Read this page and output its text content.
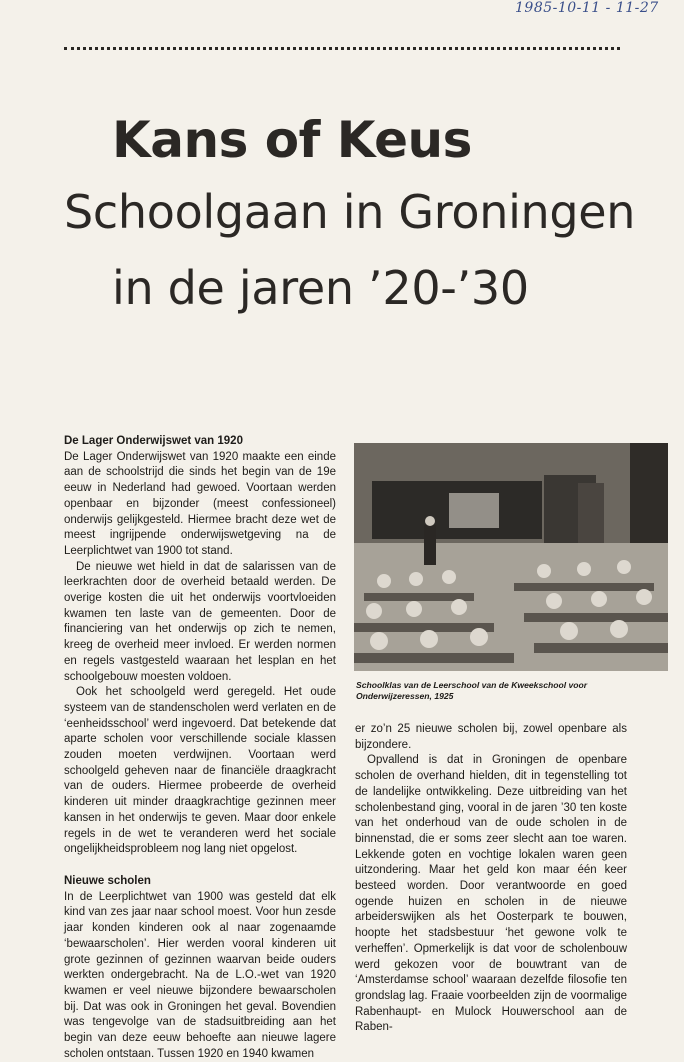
1985-10-11 - 11-27
Kans of Keus
Schoolgaan in Groningen
in de jaren ’20-’30
De Lager Onderwijswet van 1920

De Lager Onderwijswet van 1920 maakte een einde aan de schoolstrijd die sinds het begin van de 19e eeuw in Nederland had gewoed. Voortaan werden openbaar en bijzonder (meest confessioneel) onderwijs gelijkgesteld. Hiermee bracht deze wet de meest ingrijpende onderwijswetgeving na de Leerplichtwet van 1900 tot stand.

De nieuwe wet hield in dat de salarissen van de leerkrachten door de overheid betaald werden. De overige kosten die uit het onderwijs voortvloeiden kwamen ten laste van de gemeenten. Door de financiering van het onderwijs op zich te nemen, kreeg de overheid meer invloed. Er werden normen en regels vastgesteld waaraan het lesplan en het schoolgebouw moesten voldoen.

Ook het schoolgeld werd geregeld. Het oude systeem van de standenscholen werd verlaten en de ‘eenheidsschool’ werd ingevoerd. Dat betekende dat aparte scholen voor verschillende sociale klassen zouden moeten verdwijnen. Voortaan werd schoolgeld geheven naar de financiële draagkracht van de ouders. Hiermee probeerde de overheid kinderen uit minder draagkrachtige gezinnen meer kansen in het onderwijs te geven. Maar door enkele regels in de wet te veranderen werd het sociale ongelijkheidsprobleem nog lang niet opgelost.

Nieuwe scholen

In de Leerplichtwet van 1900 was gesteld dat elk kind van zes jaar naar school moest. Voor hun zesde jaar konden kinderen ook al naar zogenaamde ‘bewaarscholen’. Hier werden vooral kinderen uit grote gezinnen of gezinnen waarvan beide ouders werkten ondergebracht. Na de L.O.-wet van 1920 kwamen er veel nieuwe bijzondere bewaarscholen bij. Dat was ook in Groningen het geval. Bovendien was tengevolge van de stadsuitbreiding aan het begin van deze eeuw behoefte aan nieuwe lagere scholen ontstaan. Tussen 1920 en 1940 kwamen

Schoolklas van de Leerschool van de Kweekschool voor
Onderwijzeressen, 1925

er zo’n 25 nieuwe scholen bij, zowel openbare als bijzondere.

Opvallend is dat in Groningen de openbare scholen de overhand hielden, dit in tegenstelling tot de landelijke ontwikkeling. Deze uitbreiding van het scholenbestand ging, vooral in de jaren ’30 ten koste van het onderhoud van de oude scholen in de binnenstad, die er soms zeer slecht aan toe waren. Lekkende goten en vochtige lokalen waren geen uitzondering. Maar het geld kon maar één keer besteed worden. Door verantwoorde en goed ogende huizen en scholen in de nieuwe arbeiderswijken als het Oosterpark te bouwen, hoopte het stadsbestuur ‘het gewone volk te verheffen’. Opmerkelijk is dat voor de scholenbouw werd gekozen voor de bouwtrant van de ‘Amsterdamse school’ waaraan dezelfde filosofie ten grondslag lag. Fraaie voorbeelden zijn de voormalige Rabenhaupt- en Mulock Houwerschool aan de Raben-
